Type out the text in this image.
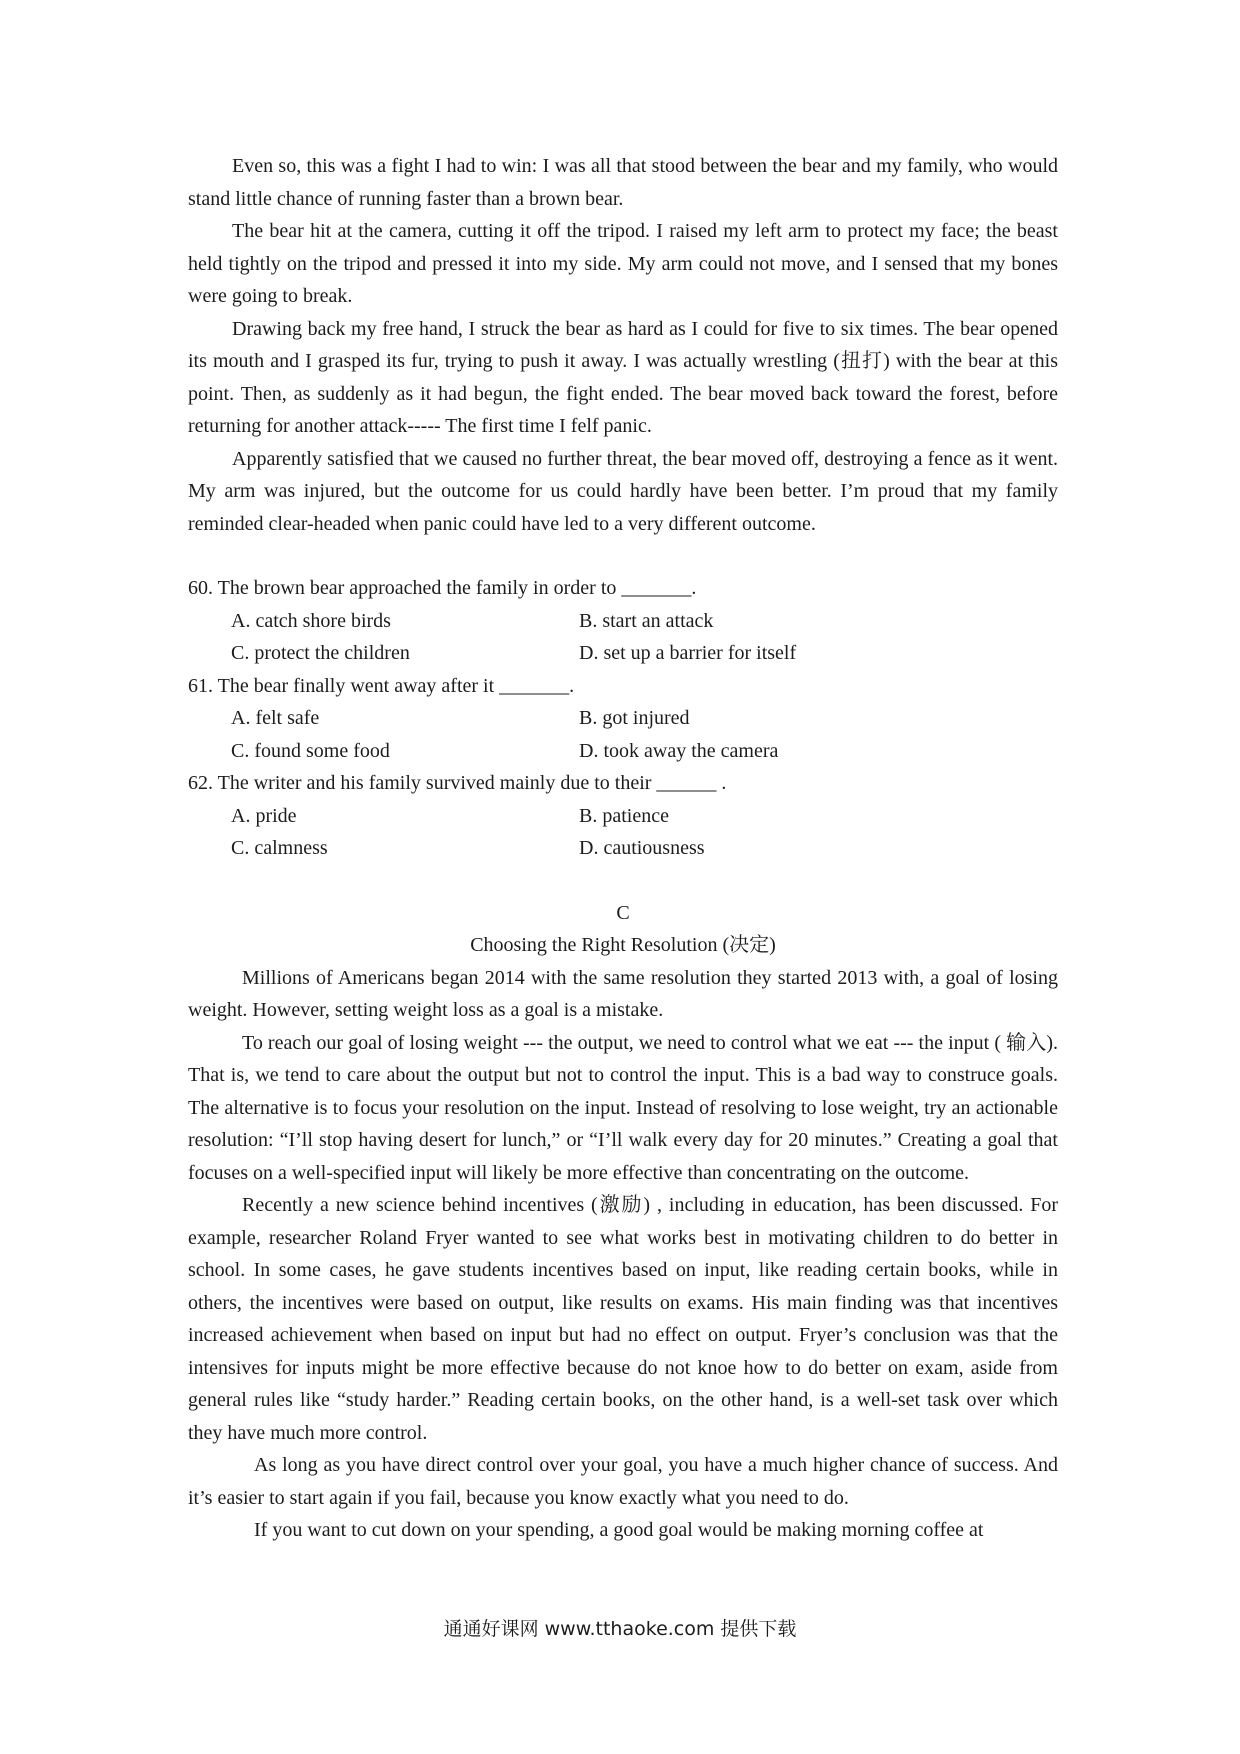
Even so, this was a fight I had to win: I was all that stood between the bear and my family, who would stand little chance of running faster than a brown bear.

The bear hit at the camera, cutting it off the tripod. I raised my left arm to protect my face; the beast held tightly on the tripod and pressed it into my side. My arm could not move, and I sensed that my bones were going to break.

Drawing back my free hand, I struck the bear as hard as I could for five to six times. The bear opened its mouth and I grasped its fur, trying to push it away. I was actually wrestling (扭打) with the bear at this point. Then, as suddenly as it had begun, the fight ended. The bear moved back toward the forest, before returning for another attack----- The first time I felf panic.

Apparently satisfied that we caused no further threat, the bear moved off, destroying a fence as it went. My arm was injured, but the outcome for us could hardly have been better. I’m proud that my family reminded clear-headed when panic could have led to a very different outcome.

60. The brown bear approached the family in order to _______.

A. catch shore birds	B. start an attack
C. protect the children	D. set up a barrier for itself

61. The bear finally went away after it _______.

A. felt safe	B. got injured
C. found some food	D. took away the camera

62. The writer and his family survived mainly due to their ______ .

A. pride	B. patience
C. calmness	D. cautiousness
C
Choosing the Right Resolution (决定)

Millions of Americans began 2014 with the same resolution they started 2013 with, a goal of losing weight. However, setting weight loss as a goal is a mistake.

To reach our goal of losing weight --- the output, we need to control what we eat --- the input ( 输入). That is, we tend to care about the output but not to control the input. This is a bad way to construce goals. The alternative is to focus your resolution on the input. Instead of resolving to lose weight, try an actionable resolution: “I’ll stop having desert for lunch,” or “I’ll walk every day for 20 minutes.” Creating a goal that focuses on a well-specified input will likely be more effective than concentrating on the outcome.

Recently a new science behind incentives (激励) , including in education, has been discussed. For example, researcher Roland Fryer wanted to see what works best in motivating children to do better in school. In some cases, he gave students incentives based on input, like reading certain books, while in others, the incentives were based on output, like results on exams. His main finding was that incentives increased achievement when based on input but had no effect on output. Fryer’s conclusion was that the intensives for inputs might be more effective because do not knoe how to do better on exam, aside from general rules like “study harder.” Reading certain books, on the other hand, is a well-set task over which they have much more control.

As long as you have direct control over your goal, you have a much higher chance of success. And it’s easier to start again if you fail, because you know exactly what you need to do.

If you want to cut down on your spending, a good goal would be making morning coffee at

通通好课网 www.tthaoke.com 提供下载
